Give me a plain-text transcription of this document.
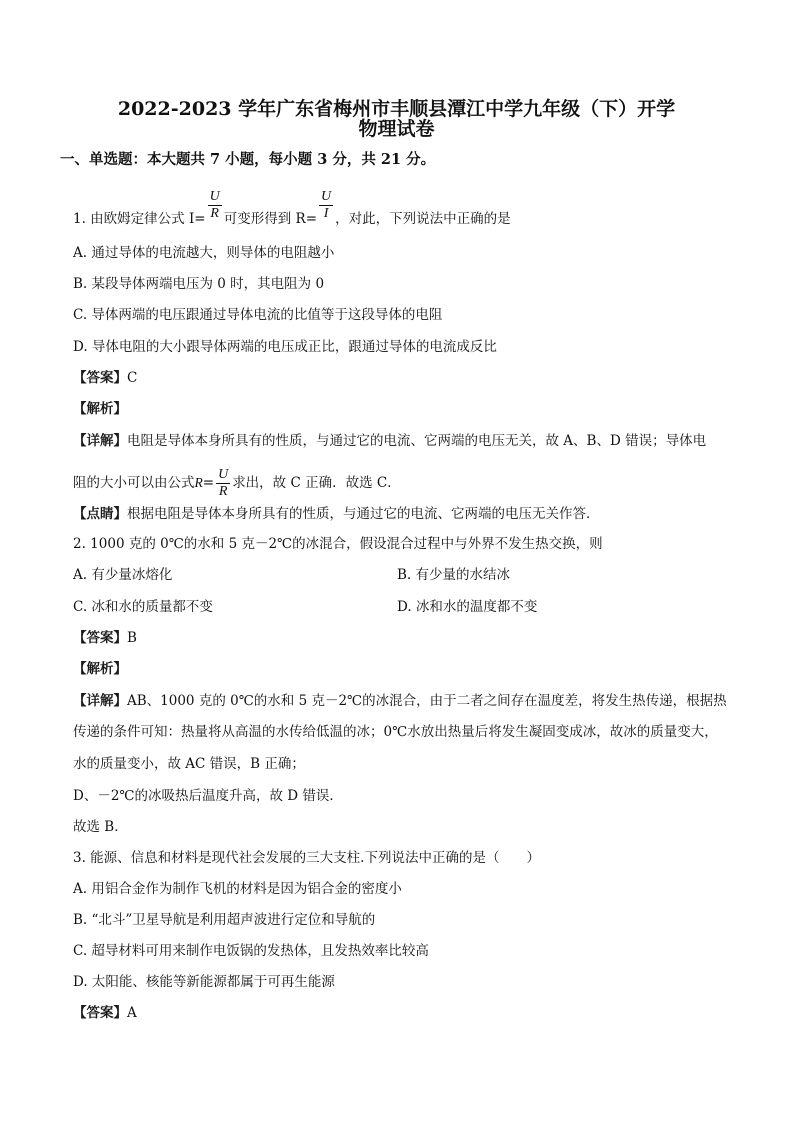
2022-2023 学年广东省梅州市丰顺县潭江中学九年级（下）开学
物理试卷
一、单选题：本大题共 7 小题，每小题 3 分，共 21 分。
1. 由欧姆定律公式 $I= \frac{U}{R}$ 可变形得到 $R= \frac{U}{I}$ ，对此，下列说法中正确的是
A. 通过导体的电流越大，则导体的电阻越小
B. 某段导体两端电压为 0 时，其电阻为 0
C. 导体两端的电压跟通过导体电流的比值等于这段导体的电阻
D. 导体电阻的大小跟导体两端的电压成正比，跟通过导体的电流成反比
【答案】C
【解析】
【详解】电阻是导体本身所具有的性质，与通过它的电流、它两端的电压无关，故 A、B、D 错误；导体电
阻的大小可以由公式$R= \frac{U}{R}$ 求出，故 C 正确．故选 C．
【点睛】根据电阻是导体本身所具有的性质，与通过它的电流、它两端的电压无关作答．
2. 1000 克的 0℃的水和 5 克－2℃的冰混合，假设混合过程中与外界不发生热交换，则
A. 有少量冰熔化	B. 有少量的水结冰
C. 冰和水的质量都不变	D. 冰和水的温度都不变
【答案】B
【解析】
【详解】AB、1000 克的 0℃的水和 5 克－2℃的冰混合，由于二者之间存在温度差，将发生热传递，根据热
传递的条件可知：热量将从高温的水传给低温的冰；0℃水放出热量后将发生凝固变成冰，故冰的质量变大，
水的质量变小，故 AC 错误，B 正确；
D、－2℃的冰吸热后温度升高，故 D 错误．
故选 B．
3. 能源、信息和材料是现代社会发展的三大支柱.下列说法中正确的是（　　）
A. 用铝合金作为制作飞机的材料是因为铝合金的密度小
B. “北斗”卫星导航是利用超声波进行定位和导航的
C. 超导材料可用来制作电饭锅的发热体，且发热效率比较高
D. 太阳能、核能等新能源都属于可再生能源
【答案】A
